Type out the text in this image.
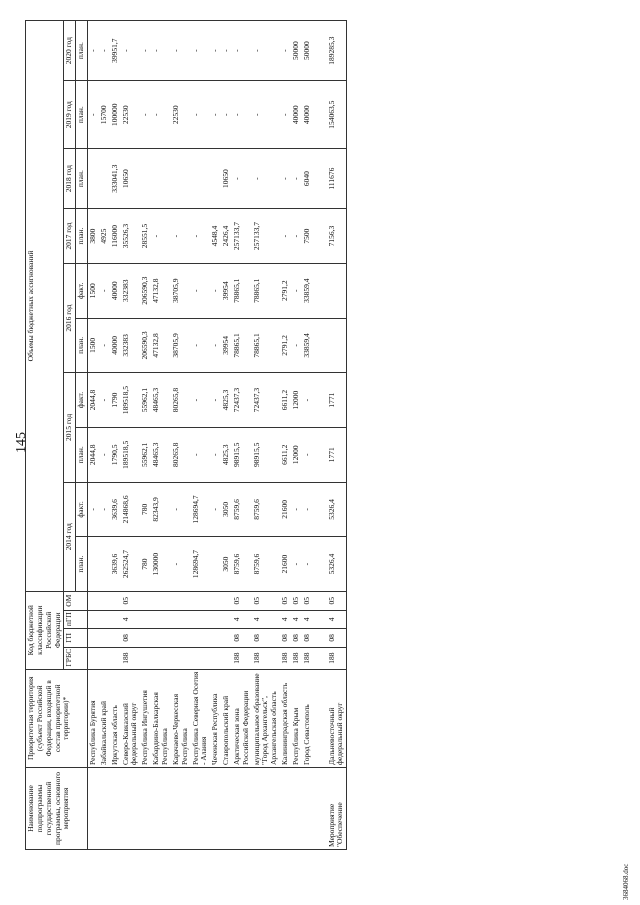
145
3684068.doc
Наименование подпрограммы государственной программы, основного мероприятия	Приоритетная территория (субъект Российской Федерации, входящий в состав приоритетной территории)*	Код бюджетной классификации Российской Федерации				Объемы бюджетных ассигнований									
		ГРБС	ГП	пГП	ОМ	2014 год		2015 год		2016 год		2017 год	2018 год	2019 год	2020 год
						план.	факт.	план.	факт.	план.	факт.	план.	план.	план.	план.
	Республика Бурятия						-	2044,8	2044,8	1500	1500	3800		-	-
	Забайкальский край						-	-	-	-	-	4925		15700	-
	Иркутская область					3639,6	3639,6	1790,5	1790	40000	40000	116000	333041,3	100000	39951,7
	Северо-Кавказский федеральный округ	188	08	4	05	262524,7	214868,6	189518,5	189518,5	332383	332383	35526,3	10650	22530	-
	Республика Ингушетия					780	780	55962,1	55962,1	206590,3	206590,3	28551,5		-	-
	Кабардино-Балкарская Республика					130000	82343,9	48465,3	48465,3	47132,8	47132,8	-		-	-
	Карачаево-Черкесская Республика					-	-	80265,8	80265,8	38705,9	38705,9	-		22530	-
	Республика Северная Осетия - Алания					128694,7	128694,7	-	-	-	-	-		-	-
	Чеченская Республика						-	-	-	-	-	4548,4		-	-
	Ставропольский край					3050	3050	4825,3	4825,3	39954	39954	2426,4	10650	-	-
	Арктическая зона Российской Федерации	188	08	4	05	8759,6	8759,6	98915,5	72437,3	78865,1	78865,1	257133,7	-	-	-
	муниципальное образование "Город Архангельск", Архангельская область	188	08	4	05	8759,6	8759,6	98915,5	72437,3	78865,1	78865,1	257133,7	-	-	-
	Калининградская область	188	08	4	05	21600	21600	6611,2	6611,2	2791,2	2791,2	-	-	-	-
	Республика Крым	188	08	4	05	-	-	12000	12000	-	-	-	-	40000	50000
	Город Севастополь	188	08	4	05	-	-	-	-	33859,4	33859,4	7500	6040	40000	50000

Мероприятие "Обеспечение	Дальневосточный федеральный округ	188	08	4	05	5326,4	5326,4	1771	1771			7156,3	111676	154063,5	189285,3
